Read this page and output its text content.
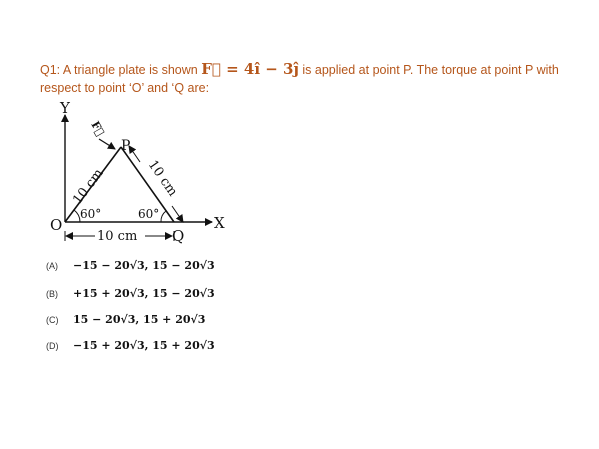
Q1: A triangle plate is shown F⃗ = 4î − 3ĵ is applied at point P. The torque at point P with respect to point ‘O’ and ‘Q are:
Y
X
O
P
Q
F⃗
10 cm	10 cm
10 cm
60°	60°
(A) −15 − 20√3, 15 − 20√3
(B) +15 + 20√3, 15 − 20√3
(C) 15 − 20√3, 15 + 20√3
(D) −15 + 20√3, 15 + 20√3
